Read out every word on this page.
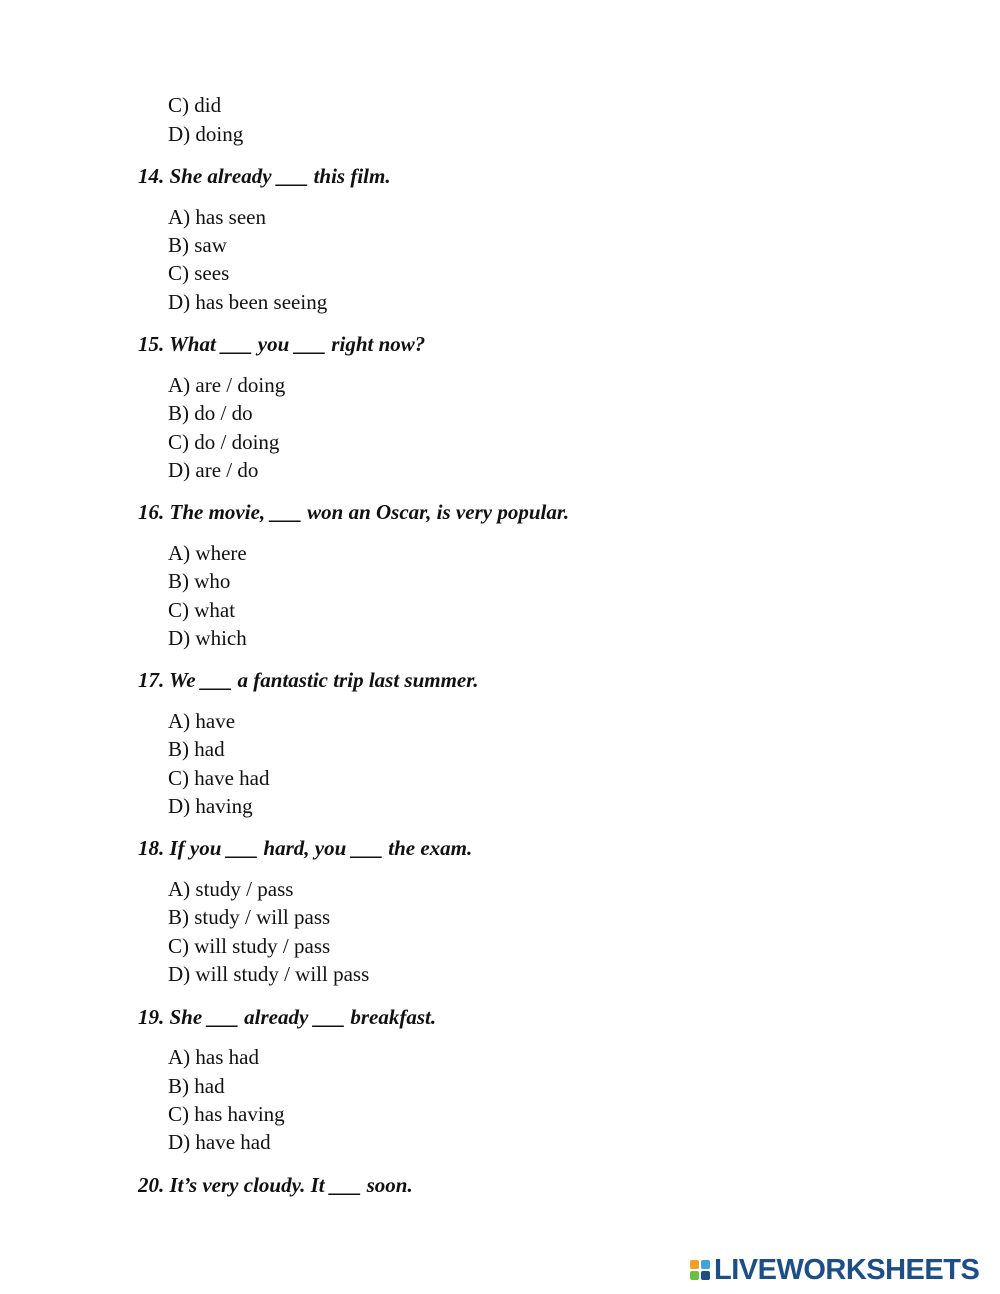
C) did
D) doing
14. She already ___ this film.
A) has seen
B) saw
C) sees
D) has been seeing
15. What ___ you ___ right now?
A) are / doing
B) do / do
C) do / doing
D) are / do
16. The movie, ___ won an Oscar, is very popular.
A) where
B) who
C) what
D) which
17. We ___ a fantastic trip last summer.
A) have
B) had
C) have had
D) having
18. If you ___ hard, you ___ the exam.
A) study / pass
B) study / will pass
C) will study / pass
D) will study / will pass
19. She ___ already ___ breakfast.
A) has had
B) had
C) has having
D) have had
20. It’s very cloudy. It ___ soon.
LIVEWORKSHEETS
